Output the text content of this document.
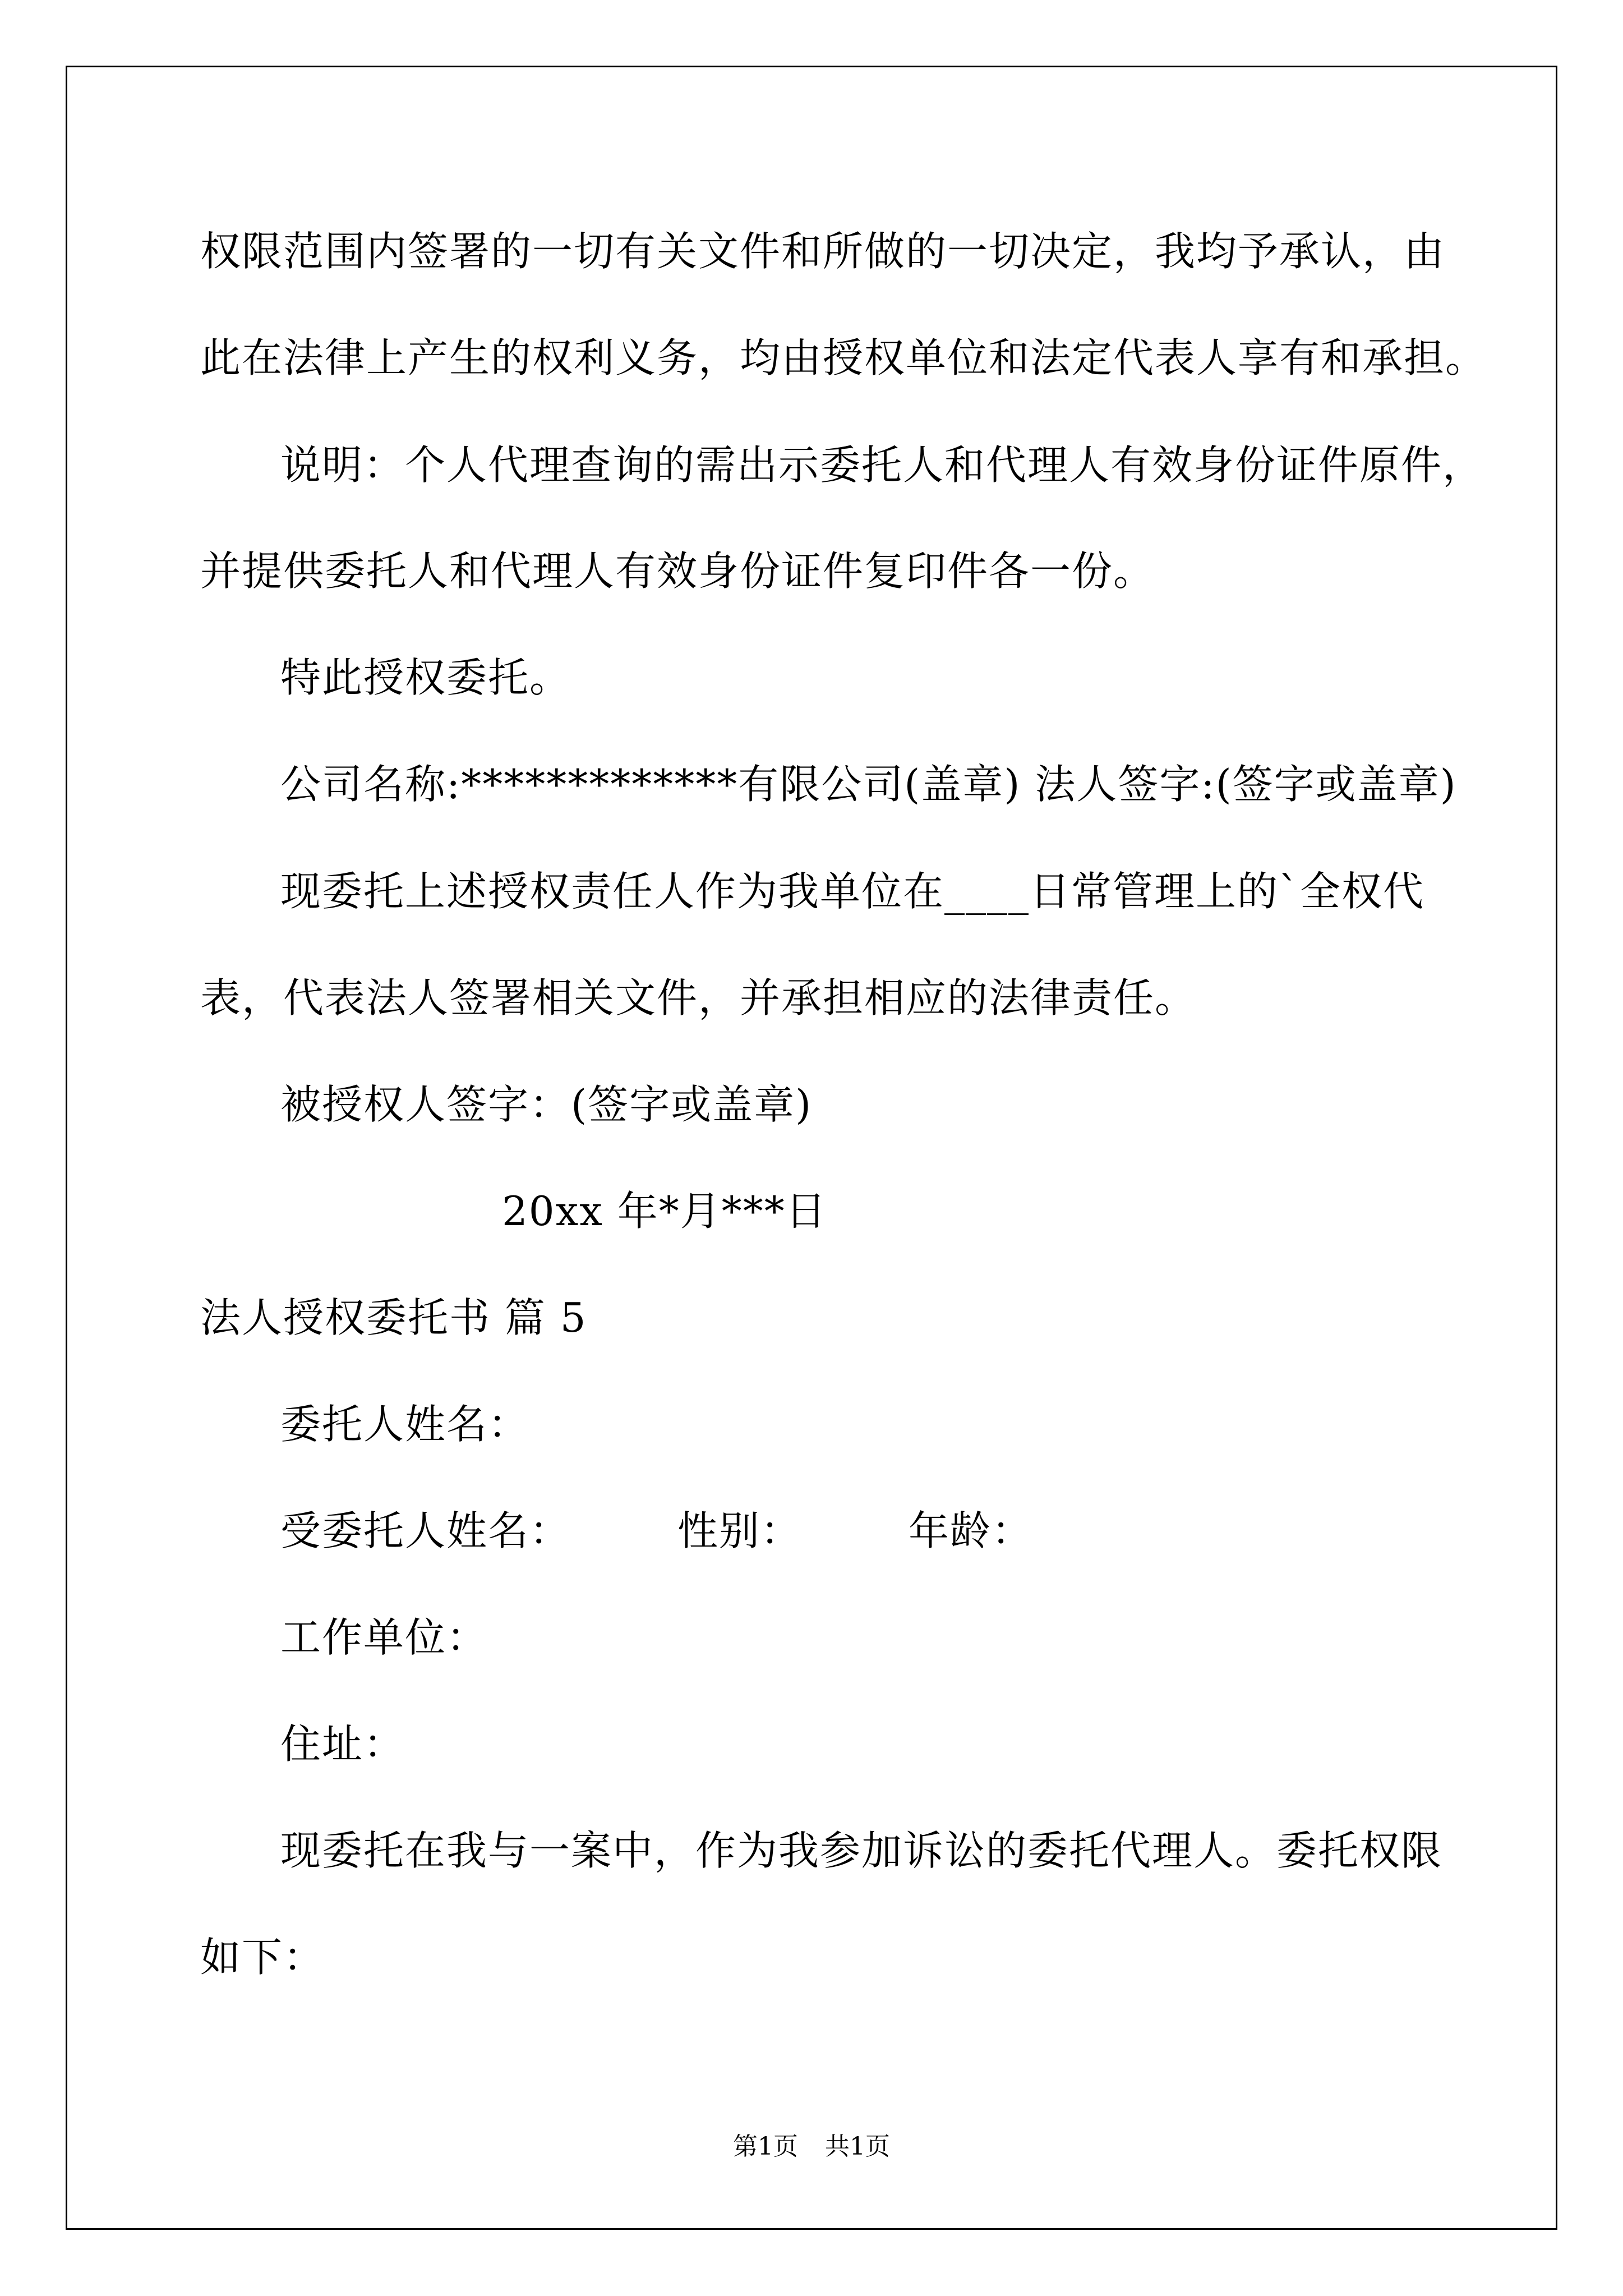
权限范围内签署的一切有关文件和所做的一切决定，我均予承认，由
此在法律上产生的权利义务，均由授权单位和法定代表人享有和承担。
说明：个人代理查询的需出示委托人和代理人有效身份证件原件，
并提供委托人和代理人有效身份证件复印件各一份。
特此授权委托。
公司名称:*************有限公司(盖章) 法人签字:(签字或盖章)
现委托上述授权责任人作为我单位在____日常管理上的`全权代
表，代表法人签署相关文件，并承担相应的法律责任。
被授权人签字：(签字或盖章)
20xx 年*月***日
法人授权委托书 篇 5
委托人姓名：
受委托人姓名：	性别：	年龄：
工作单位：
住址：
现委托在我与一案中，作为我参加诉讼的委托代理人。委托权限
如下：
第1页 共1页
